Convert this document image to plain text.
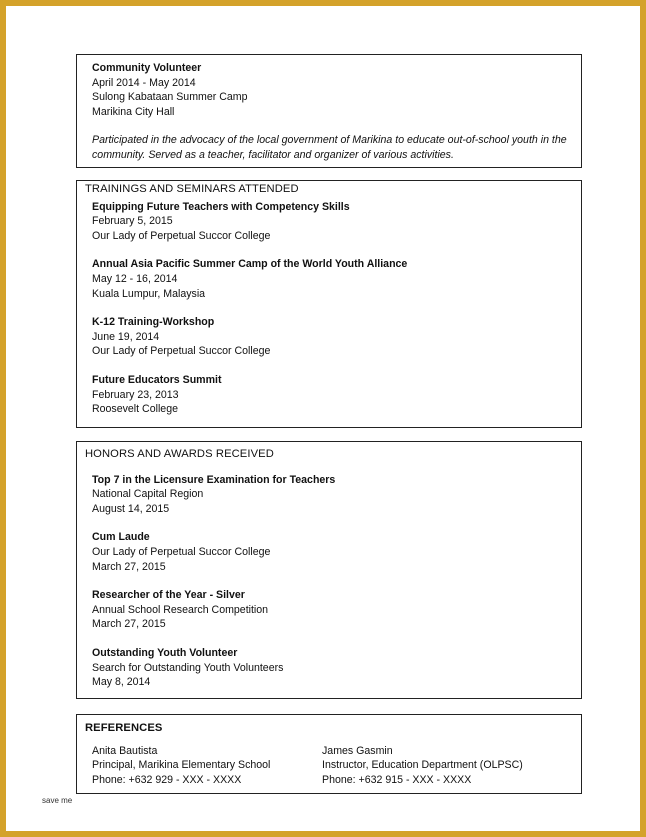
Community Volunteer
April 2014 - May 2014
Sulong Kabataan Summer Camp
Marikina City Hall
Participated in the advocacy of the local government of Marikina to educate out-of-school youth in the community. Served as a teacher, facilitator and organizer of various activities.
TRAININGS AND SEMINARS ATTENDED
Equipping Future Teachers with Competency Skills
February 5, 2015
Our Lady of Perpetual Succor College
Annual Asia Pacific Summer Camp of the World Youth Alliance
May 12 - 16, 2014
Kuala Lumpur, Malaysia
K-12 Training-Workshop
June 19, 2014
Our Lady of Perpetual Succor College
Future Educators Summit
February 23, 2013
Roosevelt College
HONORS AND AWARDS RECEIVED
Top 7 in the Licensure Examination for Teachers
National Capital Region
August 14, 2015
Cum Laude
Our Lady of Perpetual Succor College
March 27, 2015
Researcher of the Year - Silver
Annual School Research Competition
March 27, 2015
Outstanding Youth Volunteer
Search for Outstanding Youth Volunteers
May 8, 2014
REFERENCES
Anita Bautista
Principal, Marikina Elementary School
Phone: +632 929 - XXX - XXXX
James Gasmin
Instructor, Education Department (OLPSC)
Phone: +632 915 - XXX - XXXX
save me
